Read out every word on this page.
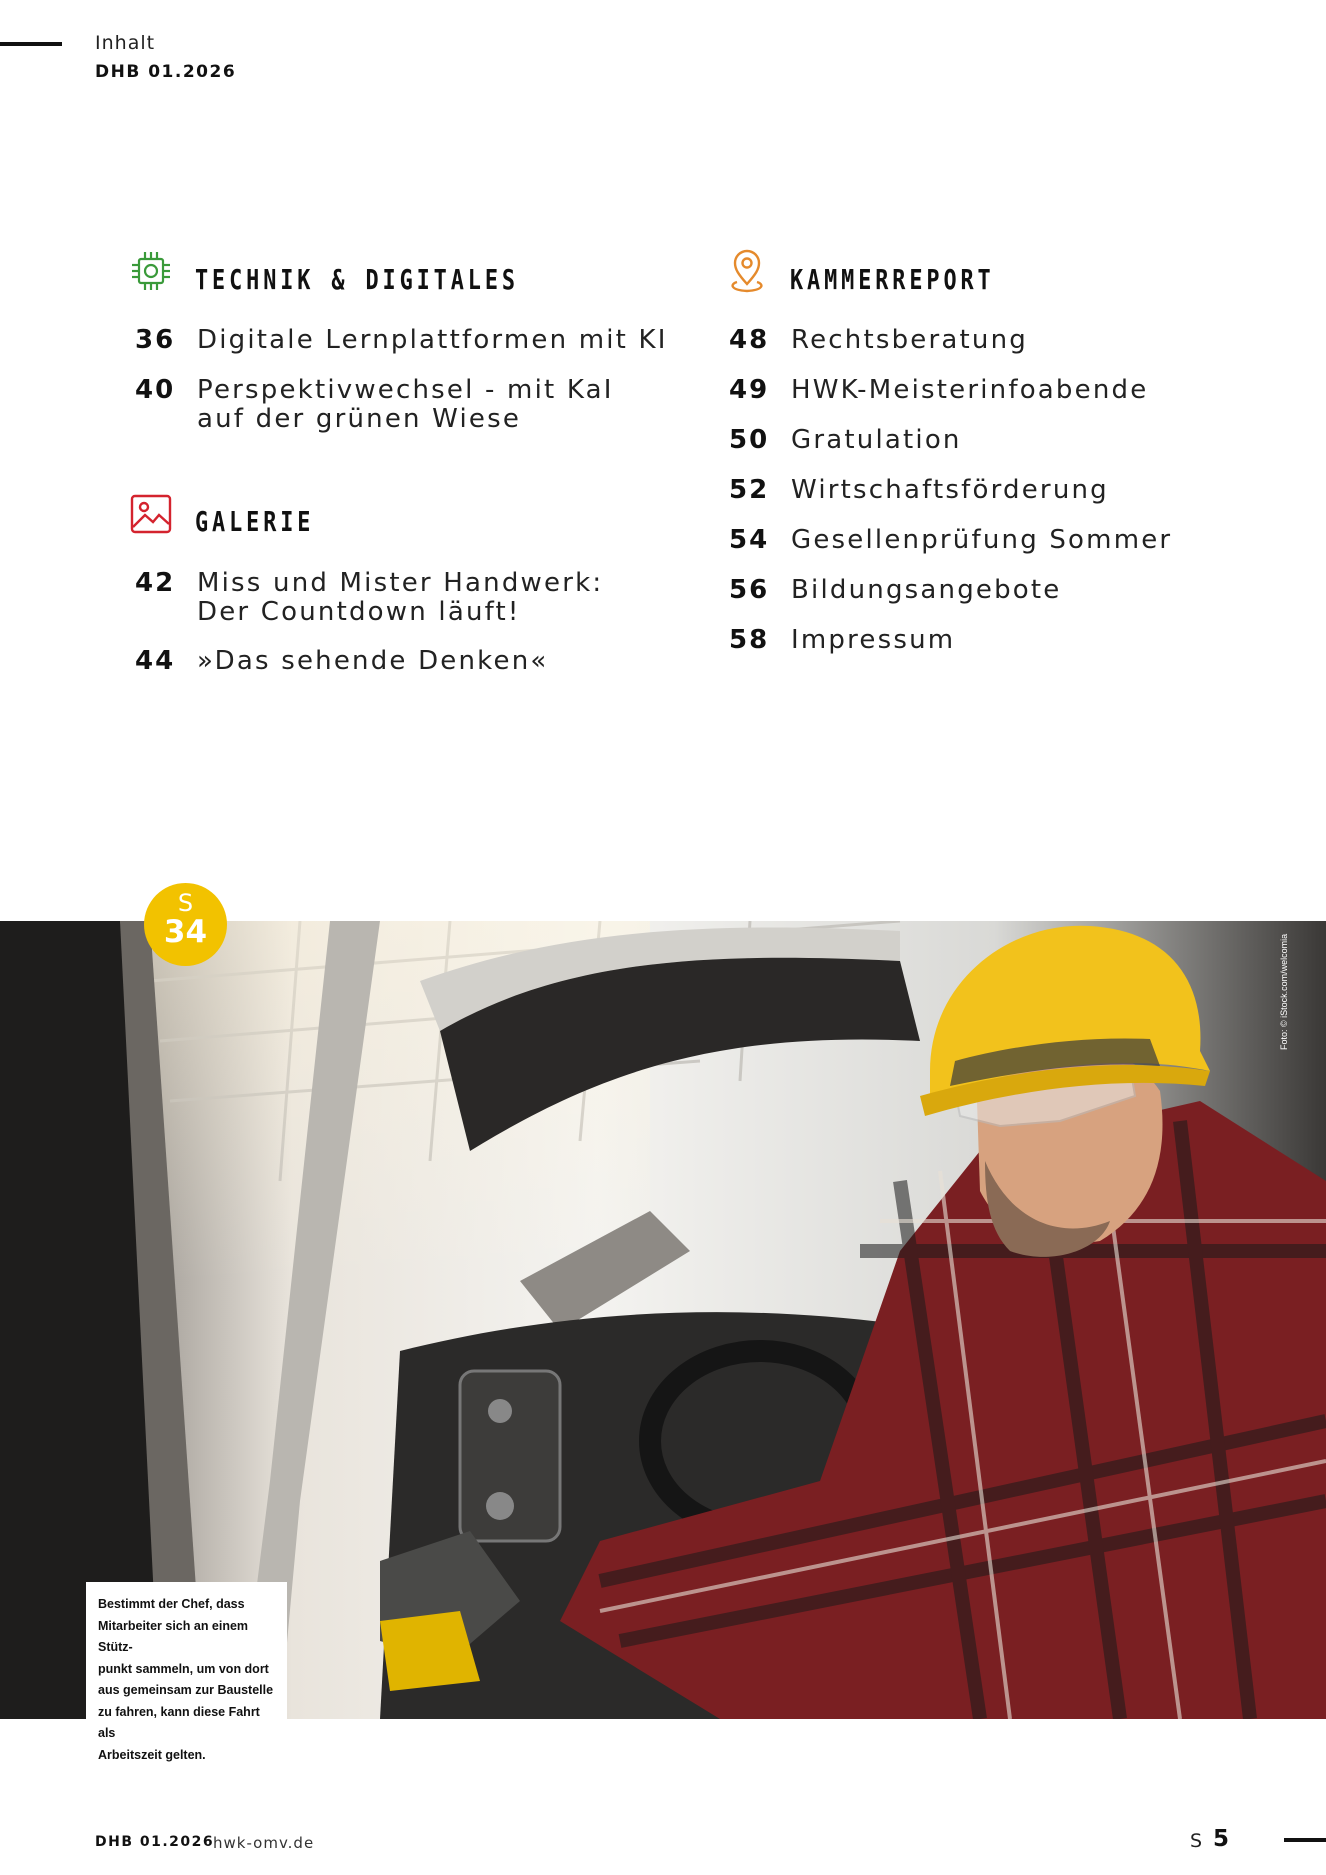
Inhalt
DHB 01.2026
TECHNIK & DIGITALES
36 Digitale Lernplattformen mit KI
40 Perspektivwechsel - mit KaI
auf der grünen Wiese
GALERIE
42 Miss und Mister Handwerk:
Der Countdown läuft!
44 »Das sehende Denken«
KAMMERREPORT
48 Rechtsberatung
49 HWK-Meisterinfoabende
50 Gratulation
52 Wirtschaftsförderung
54 Gesellenprüfung Sommer
56 Bildungsangebote
58 Impressum
S
34
Foto: © iStock.com/welcomia
Bestimmt der Chef, dass
Mitarbeiter sich an einem Stütz-
punkt sammeln, um von dort
aus gemeinsam zur Baustelle
zu fahren, kann diese Fahrt als
Arbeitszeit gelten.
DHB 01.2026
hwk-omv.de	S 5
